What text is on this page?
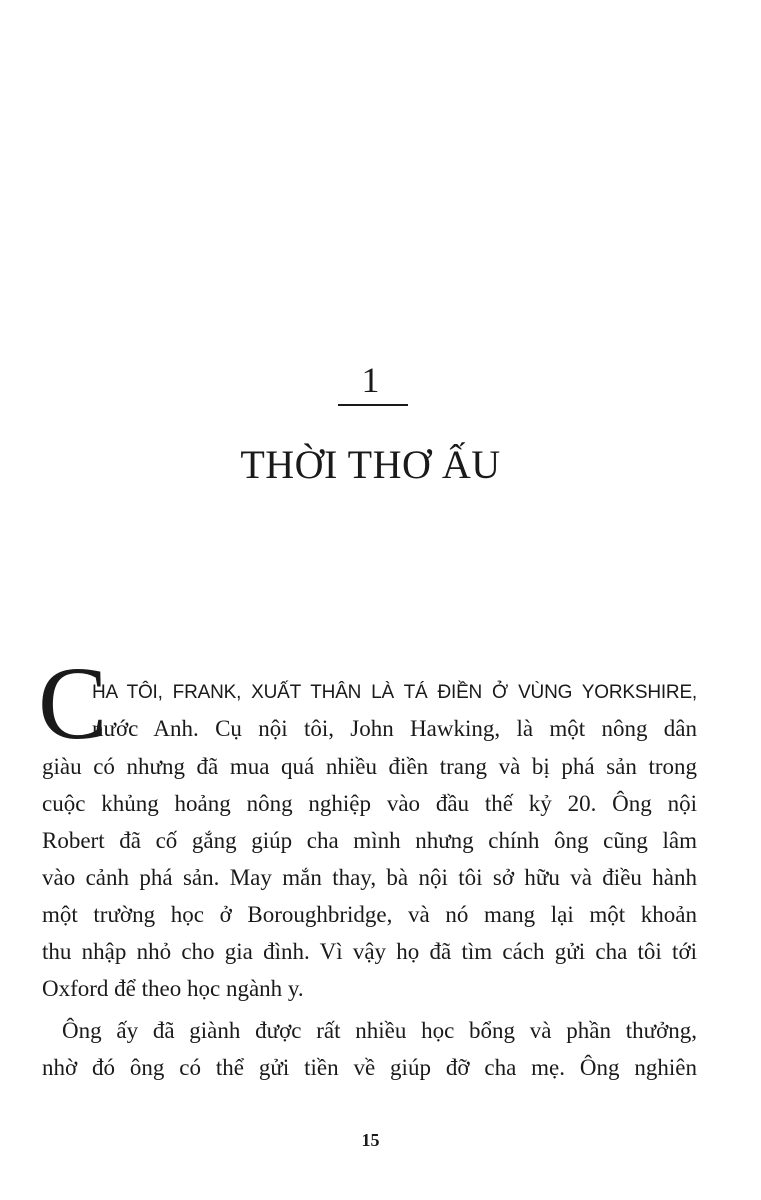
1
THỜI THƠ ẤU
C
HA TÔI, FRANK, XUẤT THÂN LÀ TÁ ĐIỀN Ở VÙNG YORKSHIRE,
nước Anh. Cụ nội tôi, John Hawking, là một nông dân
giàu có nhưng đã mua quá nhiều điền trang và bị phá sản trong
cuộc khủng hoảng nông nghiệp vào đầu thế kỷ 20. Ông nội
Robert đã cố gắng giúp cha mình nhưng chính ông cũng lâm
vào cảnh phá sản. May mắn thay, bà nội tôi sở hữu và điều hành
một trường học ở Boroughbridge, và nó mang lại một khoản
thu nhập nhỏ cho gia đình. Vì vậy họ đã tìm cách gửi cha tôi tới
Oxford để theo học ngành y.
Ông ấy đã giành được rất nhiều học bổng và phần thưởng,
nhờ đó ông có thể gửi tiền về giúp đỡ cha mẹ. Ông nghiên
15
